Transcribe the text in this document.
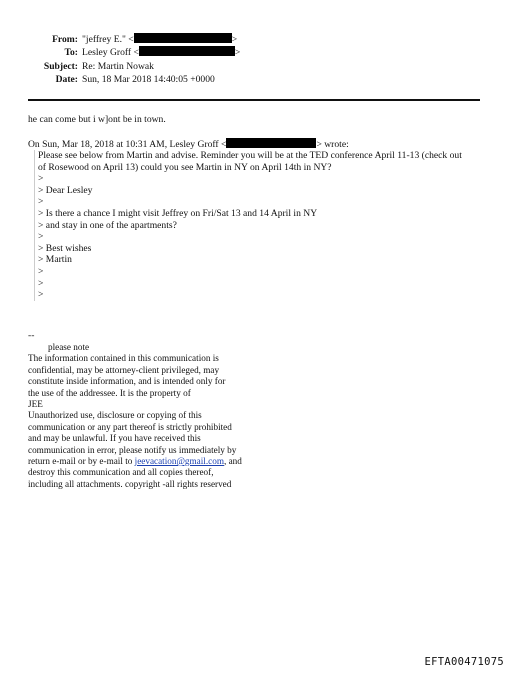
From: "jeffrey E." <	>
To: Lesley Groff <	>
Subject: Re: Martin Nowak
Date: Sun, 18 Mar 2018 14:40:05 +0000
he can come but i w]ont be in town.
On Sun, Mar 18, 2018 at 10:31 AM, Lesley Groff <	> wrote:
Please see below from Martin and advise. Reminder you will be at the TED conference April 11-13 (check out
of Rosewood on April 13) could you see Martin in NY on April 14th in NY?
>
> Dear Lesley
>
> Is there a chance I might visit Jeffrey on Fri/Sat 13 and 14 April in NY
> and stay in one of the apartments?
>
> Best wishes
> Martin
>
>
>
--
please note
The information contained in this communication is
confidential, may be attorney-client privileged, may
constitute inside information, and is intended only for
the use of the addressee. It is the property of
JEE
Unauthorized use, disclosure or copying of this
communication or any part thereof is strictly prohibited
and may be unlawful. If you have received this
communication in error, please notify us immediately by
return e-mail or by e-mail to jeevacation@gmail.com, and
destroy this communication and all copies thereof,
including all attachments. copyright -all rights reserved
EFTA00471075
